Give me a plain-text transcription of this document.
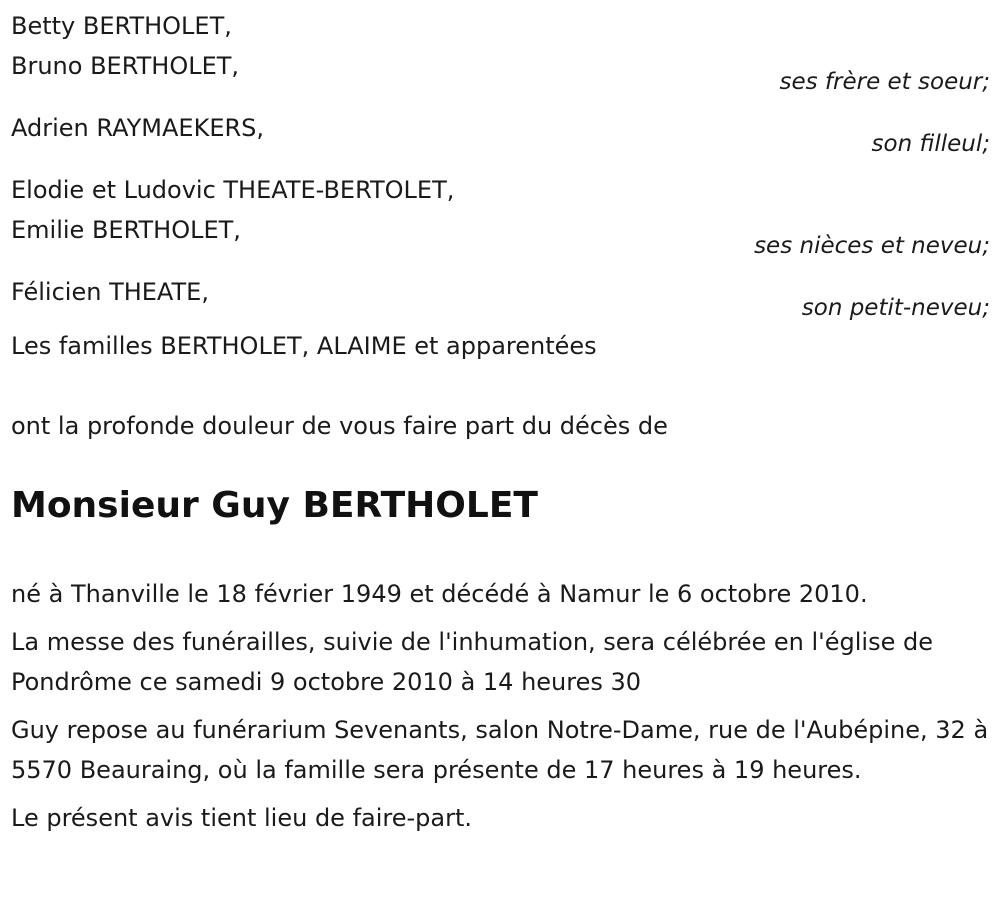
Betty BERTHOLET,
Bruno BERTHOLET,
ses frère et soeur;
Adrien RAYMAEKERS,
son filleul;
Elodie et Ludovic THEATE-BERTOLET,
Emilie BERTHOLET,
ses nièces et neveu;
Félicien THEATE,
son petit-neveu;
Les familles BERTHOLET, ALAIME et apparentées
ont la profonde douleur de vous faire part du décès de
Monsieur Guy BERTHOLET
né à Thanville le 18 février 1949 et décédé à Namur le 6 octobre 2010.
La messe des funérailles, suivie de l'inhumation, sera célébrée en l'église de Pondrôme ce samedi 9 octobre 2010 à 14 heures 30
Guy repose au funérarium Sevenants, salon Notre-Dame, rue de l'Aubépine, 32 à 5570 Beauraing, où la famille sera présente de 17 heures à 19 heures.
Le présent avis tient lieu de faire-part.
